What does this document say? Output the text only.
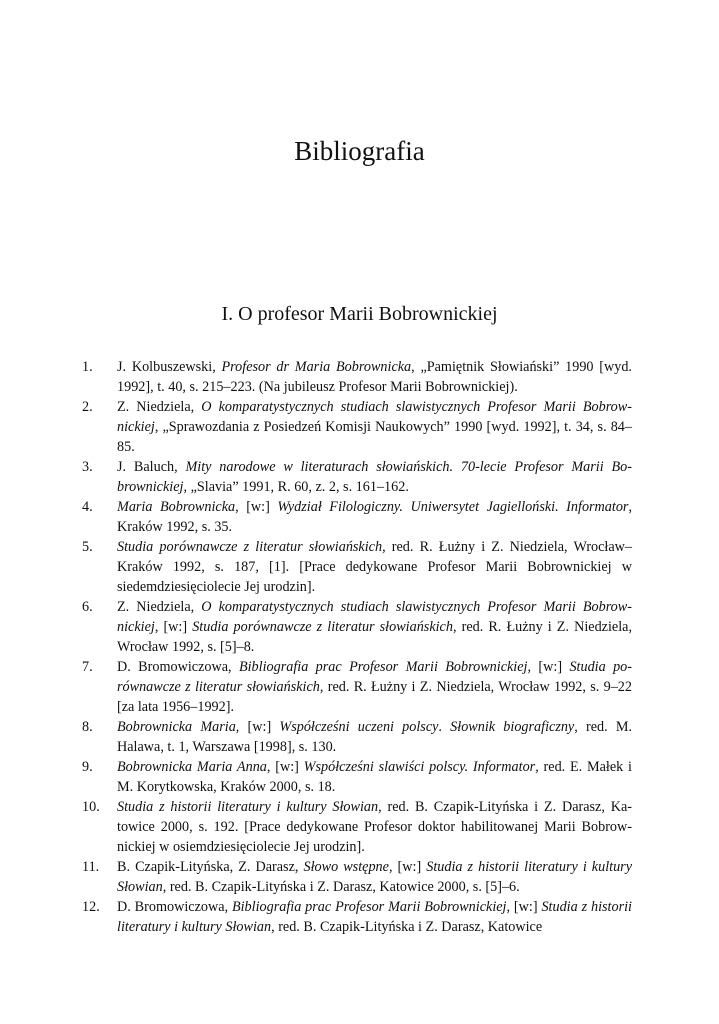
Bibliografia
I. O profesor Marii Bobrownickiej
1.	J. Kolbuszewski, Profesor dr Maria Bobrownicka, „Pamiętnik Słowiański” 1990 [wyd. 1992], t. 40, s. 215–223. (Na jubileusz Profesor Marii Bobrownickiej).
2.	Z. Niedziela, O komparatystycznych studiach slawistycznych Profesor Marii Bobrownickiej, „Sprawozdania z Posiedzeń Komisji Naukowych” 1990 [wyd. 1992], t. 34, s. 84–85.
3.	J. Baluch, Mity narodowe w literaturach słowiańskich. 70-lecie Profesor Marii Bobrownickiej, „Slavia” 1991, R. 60, z. 2, s. 161–162.
4.	Maria Bobrownicka, [w:] Wydział Filologiczny. Uniwersytet Jagielloński. Informator, Kraków 1992, s. 35.
5.	Studia porównawcze z literatur słowiańskich, red. R. Łużny i Z. Niedziela, Wrocław–Kraków 1992, s. 187, [1]. [Prace dedykowane Profesor Marii Bobrownickiej w siedemdziesięciolecie Jej urodzin].
6.	Z. Niedziela, O komparatystycznych studiach slawistycznych Profesor Marii Bobrownickiej, [w:] Studia porównawcze z literatur słowiańskich, red. R. Łużny i Z. Niedziela, Wrocław 1992, s. [5]–8.
7.	D. Bromowiczowa, Bibliografia prac Profesor Marii Bobrownickiej, [w:] Studia porównawcze z literatur słowiańskich, red. R. Łużny i Z. Niedziela, Wrocław 1992, s. 9–22 [za lata 1956–1992].
8.	Bobrownicka Maria, [w:] Współcześni uczeni polscy. Słownik biograficzny, red. M. Halawa, t. 1, Warszawa [1998], s. 130.
9.	Bobrownicka Maria Anna, [w:] Współcześni slawiści polscy. Informator, red. E. Małek i M. Korytkowska, Kraków 2000, s. 18.
10.	Studia z historii literatury i kultury Słowian, red. B. Czapik-Lityńska i Z. Darasz, Katowice 2000, s. 192. [Prace dedykowane Profesor doktor habilitowanej Marii Bobrownickiej w osiemdziesięciolecie Jej urodzin].
11.	B. Czapik-Lityńska, Z. Darasz, Słowo wstępne, [w:] Studia z historii literatury i kultury Słowian, red. B. Czapik-Lityńska i Z. Darasz, Katowice 2000, s. [5]–6.
12.	D. Bromowiczowa, Bibliografia prac Profesor Marii Bobrownickiej, [w:] Studia z historii literatury i kultury Słowian, red. B. Czapik-Lityńska i Z. Darasz, Katowice
